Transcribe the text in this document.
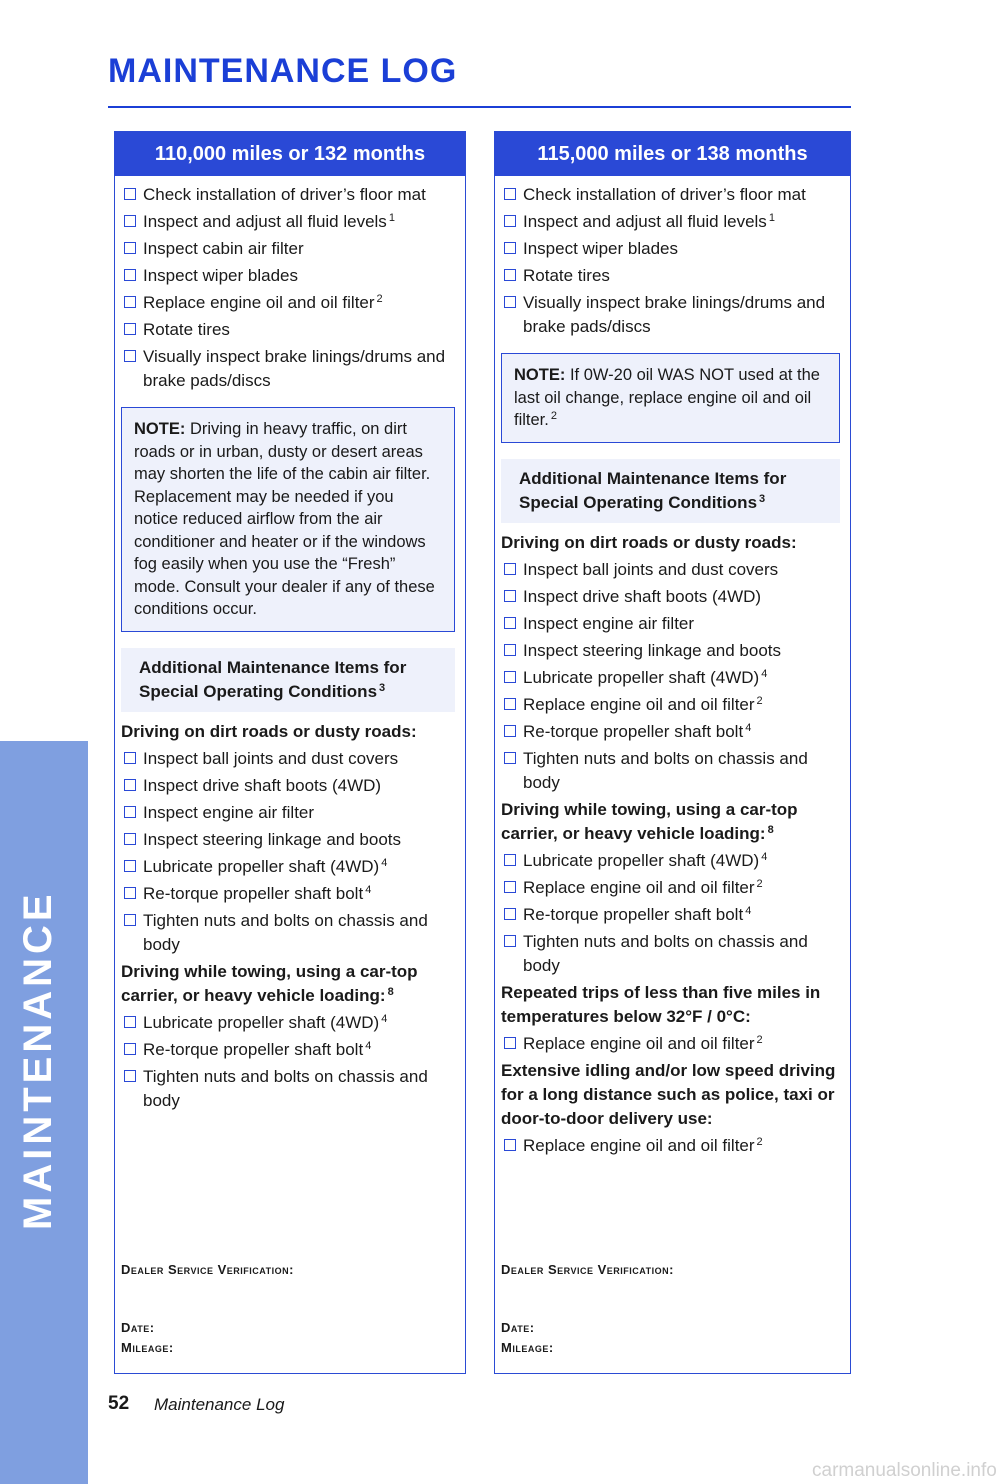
MAINTENANCE
MAINTENANCE LOG
110,000 miles or 132 months
Check installation of driver’s floor mat
Inspect and adjust all fluid levels $^1$
Inspect cabin air filter
Inspect wiper blades
Replace engine oil and oil filter $^2$
Rotate tires
Visually inspect brake linings/drums and brake pads/discs
NOTE: Driving in heavy traffic, on dirt roads or in urban, dusty or desert areas may shorten the life of the cabin air filter. Replacement may be needed if you notice reduced airflow from the air conditioner and heater or if the windows fog easily when you use the “Fresh” mode. Consult your dealer if any of these conditions occur.
Additional Maintenance Items for Special Operating Conditions $^3$
Driving on dirt roads or dusty roads:
Inspect ball joints and dust covers
Inspect drive shaft boots (4WD)
Inspect engine air filter
Inspect steering linkage and boots
Lubricate propeller shaft (4WD) $^4$
Re-torque propeller shaft bolt $^4$
Tighten nuts and bolts on chassis and body
Driving while towing, using a car-top carrier, or heavy vehicle loading: $^8$
Lubricate propeller shaft (4WD) $^4$
Re-torque propeller shaft bolt $^4$
Tighten nuts and bolts on chassis and body
Dealer Service Verification:
Date:
Mileage:
115,000 miles or 138 months
Check installation of driver’s floor mat
Inspect and adjust all fluid levels $^1$
Inspect wiper blades
Rotate tires
Visually inspect brake linings/drums and brake pads/discs
NOTE: If 0W-20 oil WAS NOT used at the last oil change, replace engine oil and oil filter. $^2$
Additional Maintenance Items for Special Operating Conditions $^3$
Driving on dirt roads or dusty roads:
Inspect ball joints and dust covers
Inspect drive shaft boots (4WD)
Inspect engine air filter
Inspect steering linkage and boots
Lubricate propeller shaft (4WD) $^4$
Replace engine oil and oil filter $^2$
Re-torque propeller shaft bolt $^4$
Tighten nuts and bolts on chassis and body
Driving while towing, using a car-top carrier, or heavy vehicle loading: $^8$
Lubricate propeller shaft (4WD) $^4$
Replace engine oil and oil filter $^2$
Re-torque propeller shaft bolt $^4$
Tighten nuts and bolts on chassis and body
Repeated trips of less than five miles in temperatures below 32°F / 0°C:
Replace engine oil and oil filter $^2$
Extensive idling and/or low speed driving for a long distance such as police, taxi or door-to-door delivery use:
Replace engine oil and oil filter $^2$
Dealer Service Verification:
Date:
Mileage:
52 Maintenance Log
carmanualsonline.info
